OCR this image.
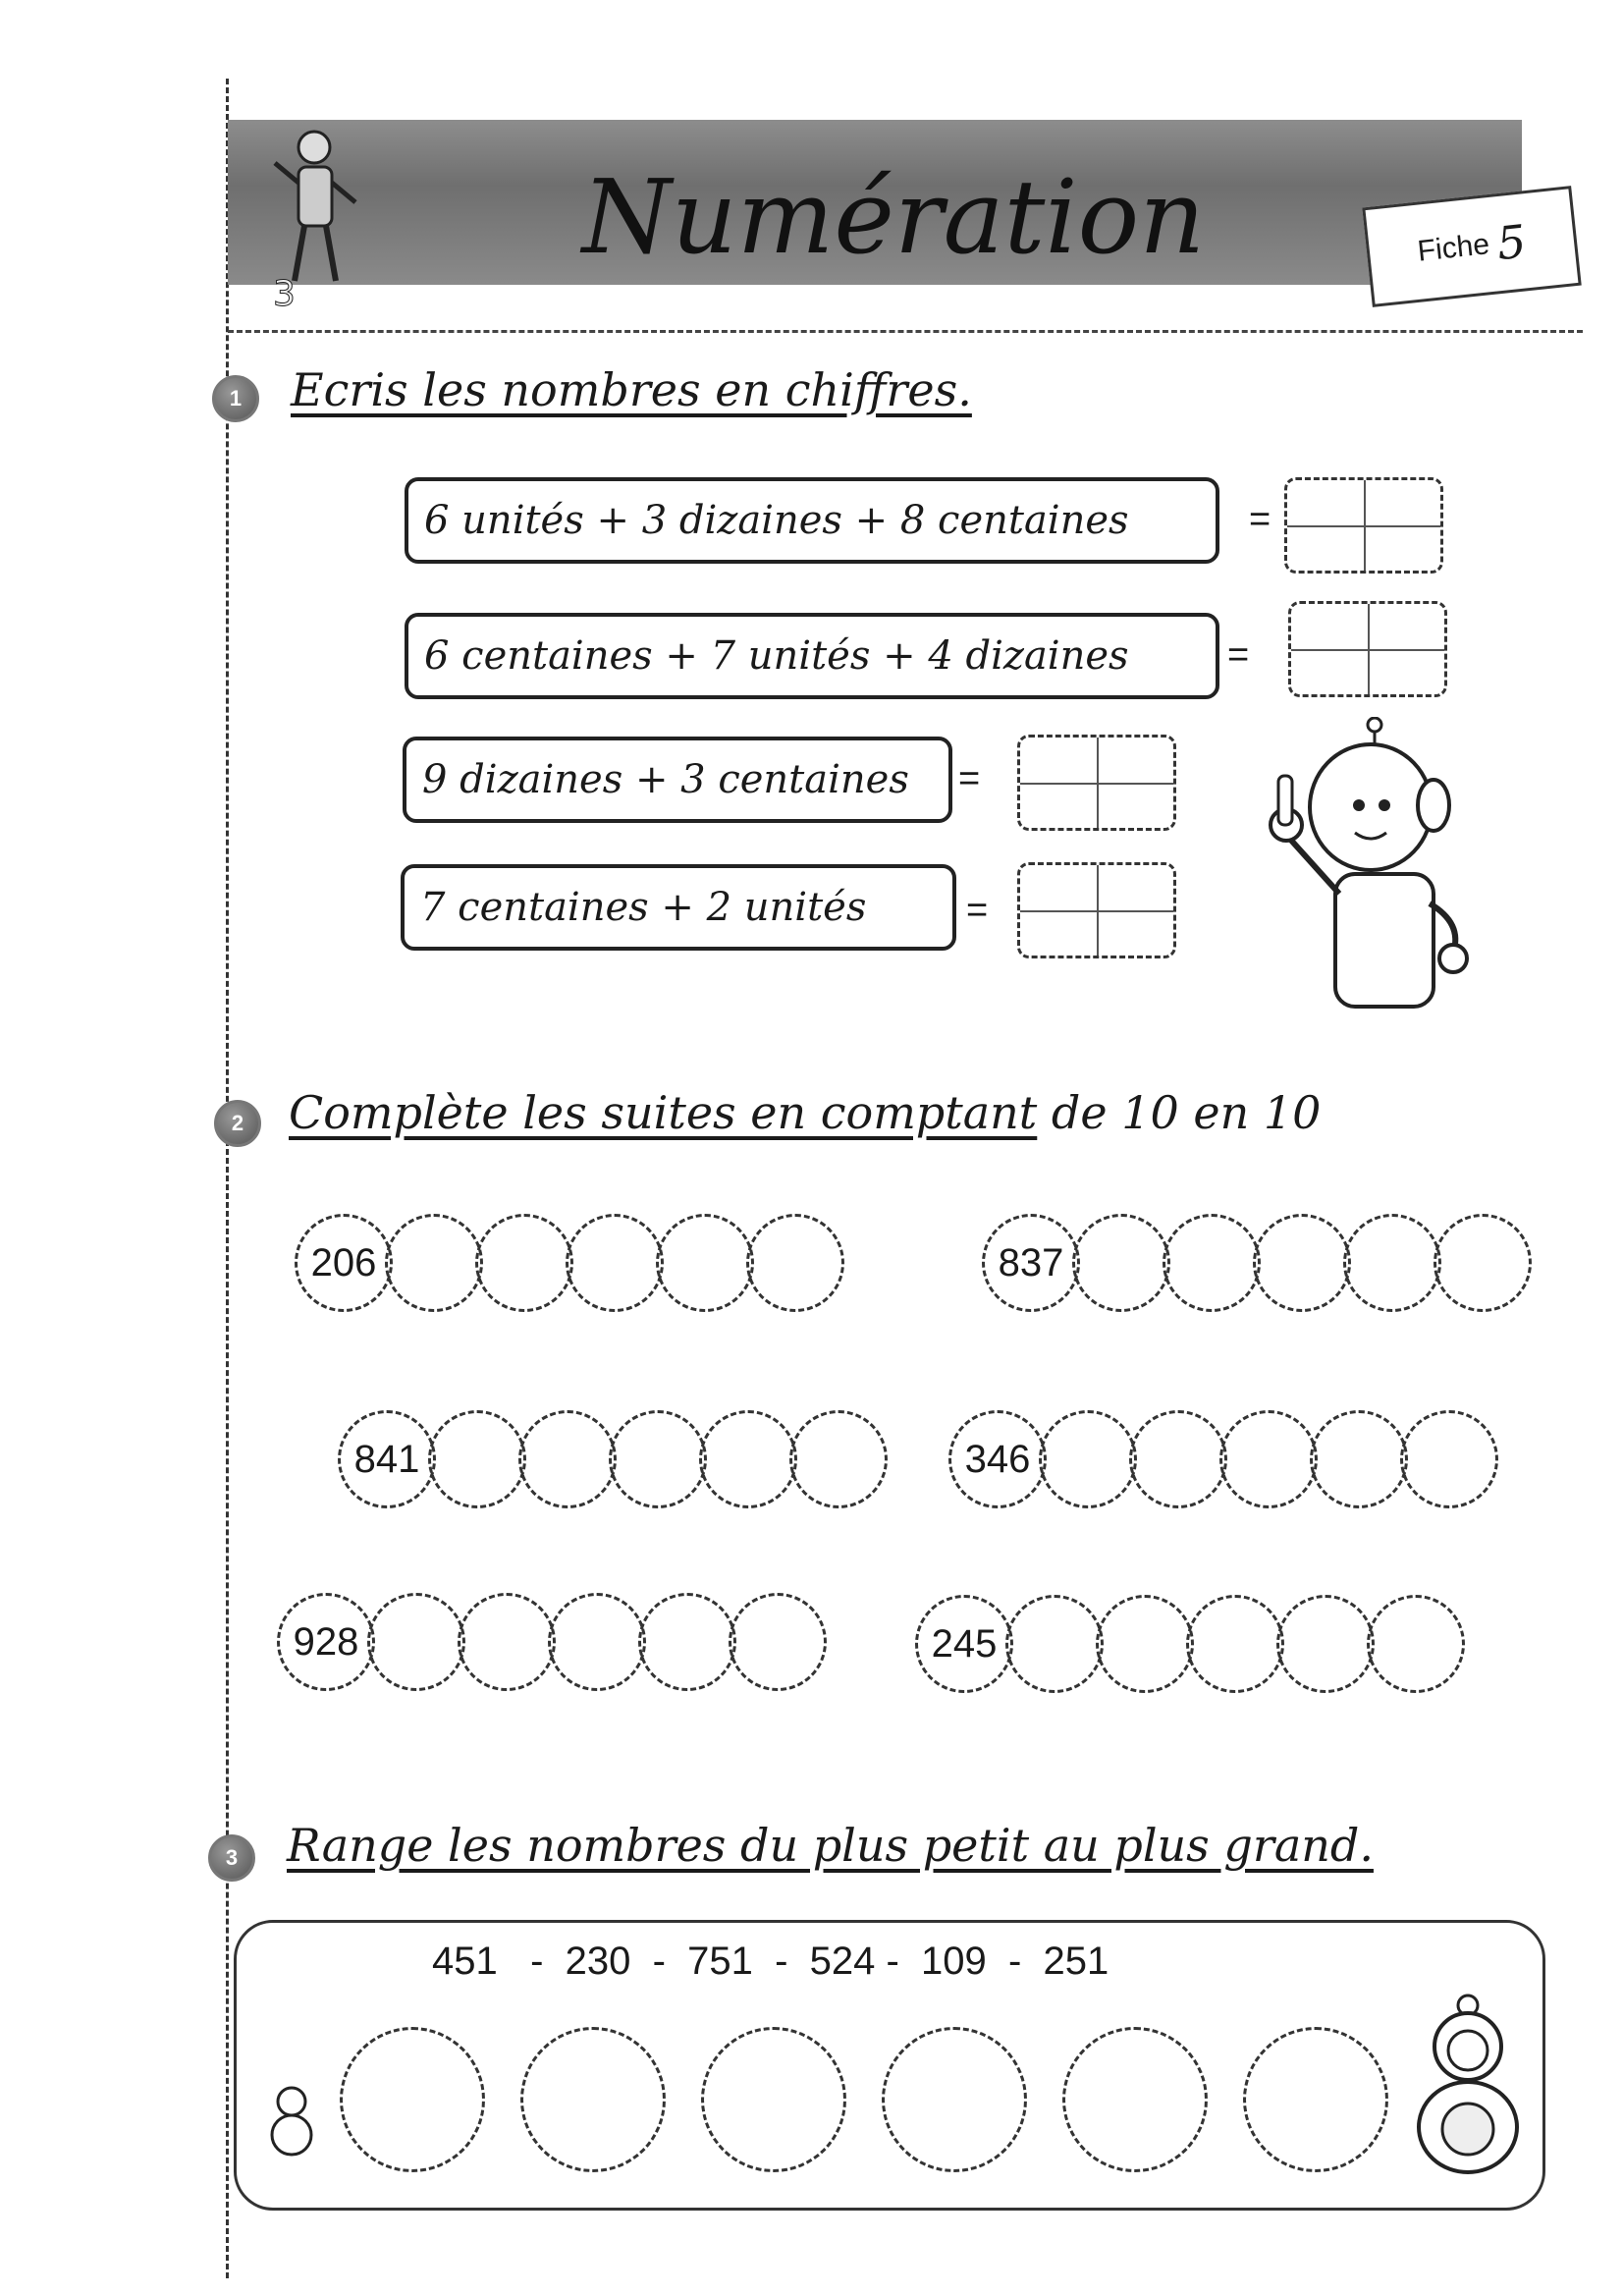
3
Numération	Fiche 5
1	Ecris les nombres en chiffres.
6 unités + 3 dizaines + 8 centaines	=
6 centaines + 7 unités + 4 dizaines	=
9 dizaines + 3 centaines	=
7 centaines + 2 unités	=
2 Complète les suites en comptant de 10 en 10
206	837
841	346
928	245
3	Range les nombres du plus petit au plus grand.
451   -  230  -  751  -  524 -  109  -  251
